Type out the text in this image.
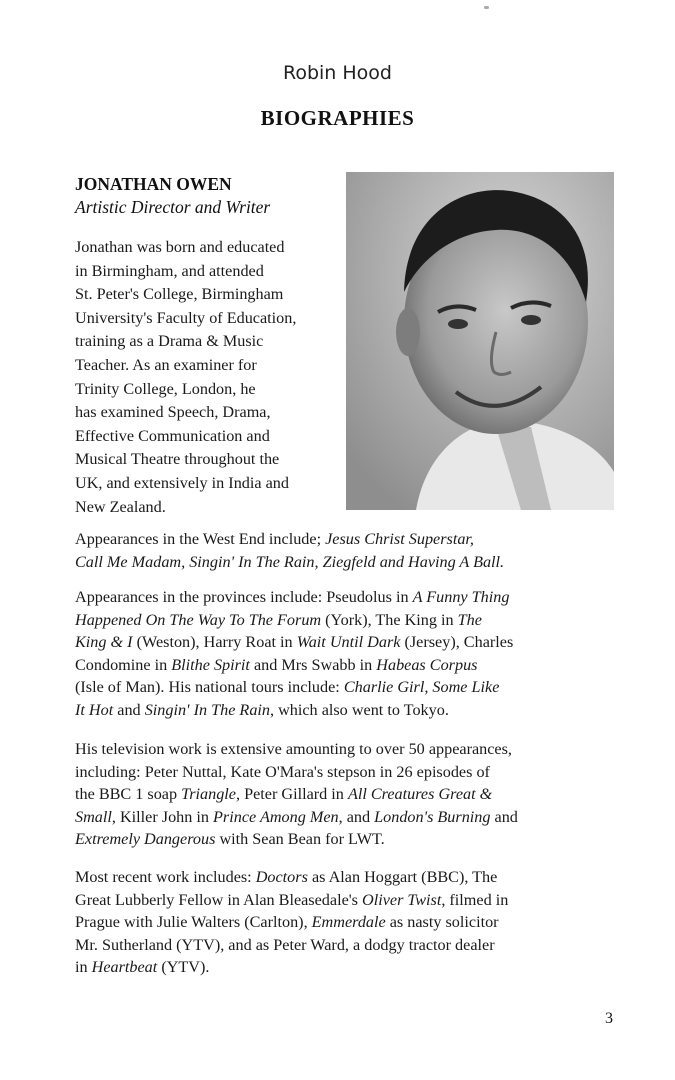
Robin Hood
BIOGRAPHIES
JONATHAN OWEN
Artistic Director and Writer
Jonathan was born and educated
in Birmingham, and attended
St. Peter's College, Birmingham
University's Faculty of Education,
training as a Drama & Music
Teacher. As an examiner for
Trinity College, London, he
has examined Speech, Drama,
Effective Communication and
Musical Theatre throughout the
UK, and extensively in India and
New Zealand.
Appearances in the West End include; Jesus Christ Superstar,
Call Me Madam, Singin' In The Rain, Ziegfeld and Having A Ball.
Appearances in the provinces include: Pseudolus in A Funny Thing
Happened On The Way To The Forum (York), The King in The
King & I (Weston), Harry Roat in Wait Until Dark (Jersey), Charles
Condomine in Blithe Spirit and Mrs Swabb in Habeas Corpus
(Isle of Man). His national tours include: Charlie Girl, Some Like
It Hot and Singin' In The Rain, which also went to Tokyo.
His television work is extensive amounting to over 50 appearances,
including: Peter Nuttal, Kate O'Mara's stepson in 26 episodes of
the BBC 1 soap Triangle, Peter Gillard in All Creatures Great &
Small, Killer John in Prince Among Men, and London's Burning and
Extremely Dangerous with Sean Bean for LWT.
Most recent work includes: Doctors as Alan Hoggart (BBC), The
Great Lubberly Fellow in Alan Bleasedale's Oliver Twist, filmed in
Prague with Julie Walters (Carlton), Emmerdale as nasty solicitor
Mr. Sutherland (YTV), and as Peter Ward, a dodgy tractor dealer
in Heartbeat (YTV).
3
